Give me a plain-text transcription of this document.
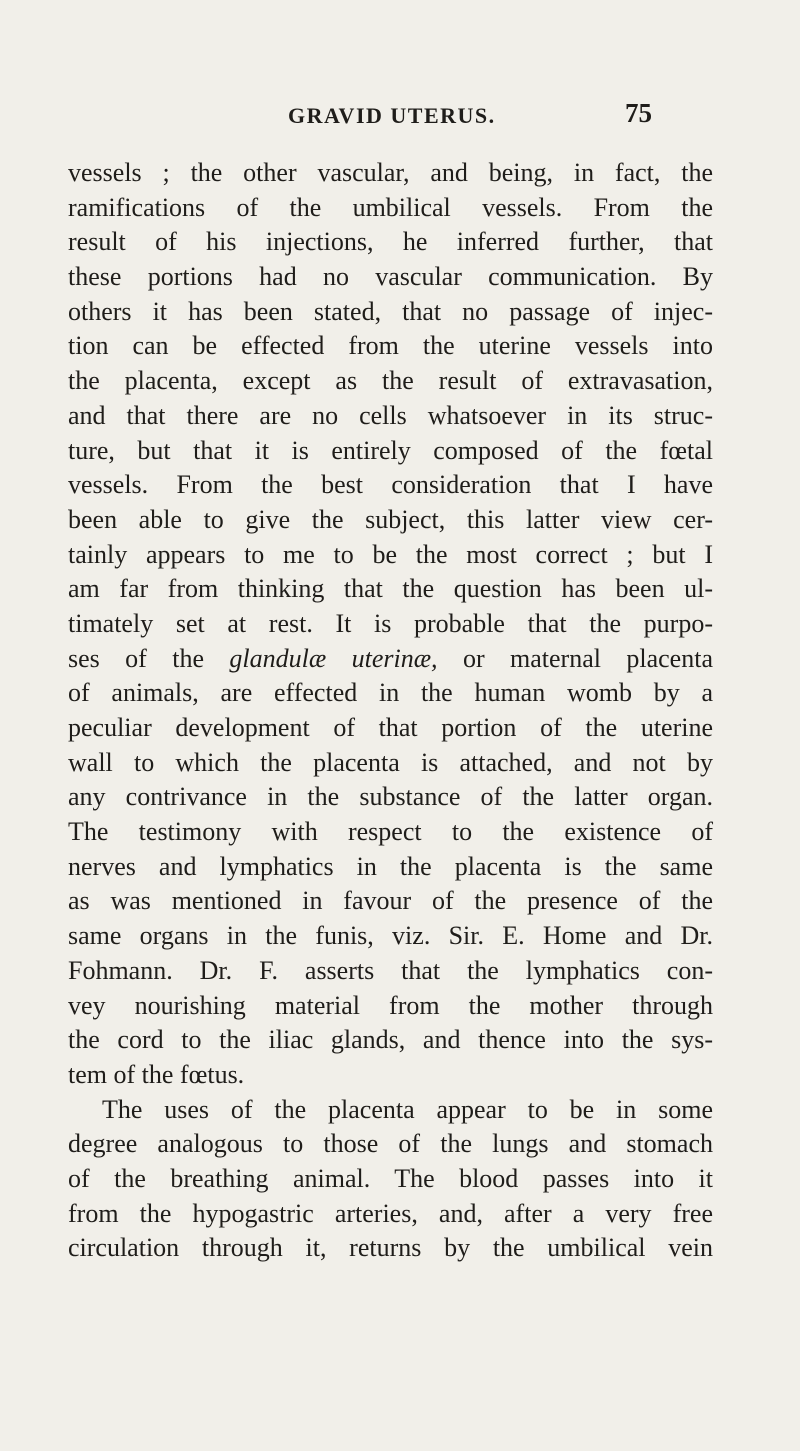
GRAVID UTERUS.	75
vessels ; the other vascular, and being, in fact, the
ramifications of the umbilical vessels. From the
result of his injections, he inferred further, that
these portions had no vascular communication. By
others it has been stated, that no passage of injec-
tion can be effected from the uterine vessels into
the placenta, except as the result of extravasation,
and that there are no cells whatsoever in its struc-
ture, but that it is entirely composed of the fœtal
vessels. From the best consideration that I have
been able to give the subject, this latter view cer-
tainly appears to me to be the most correct ; but I
am far from thinking that the question has been ul-
timately set at rest. It is probable that the purpo-
ses of the glandulæ uterinæ, or maternal placenta
of animals, are effected in the human womb by a
peculiar development of that portion of the uterine
wall to which the placenta is attached, and not by
any contrivance in the substance of the latter organ.
The testimony with respect to the existence of
nerves and lymphatics in the placenta is the same
as was mentioned in favour of the presence of the
same organs in the funis, viz. Sir. E. Home and Dr.
Fohmann. Dr. F. asserts that the lymphatics con-
vey nourishing material from the mother through
the cord to the iliac glands, and thence into the sys-
tem of the fœtus.
The uses of the placenta appear to be in some
degree analogous to those of the lungs and stomach
of the breathing animal. The blood passes into it
from the hypogastric arteries, and, after a very free
circulation through it, returns by the umbilical vein
